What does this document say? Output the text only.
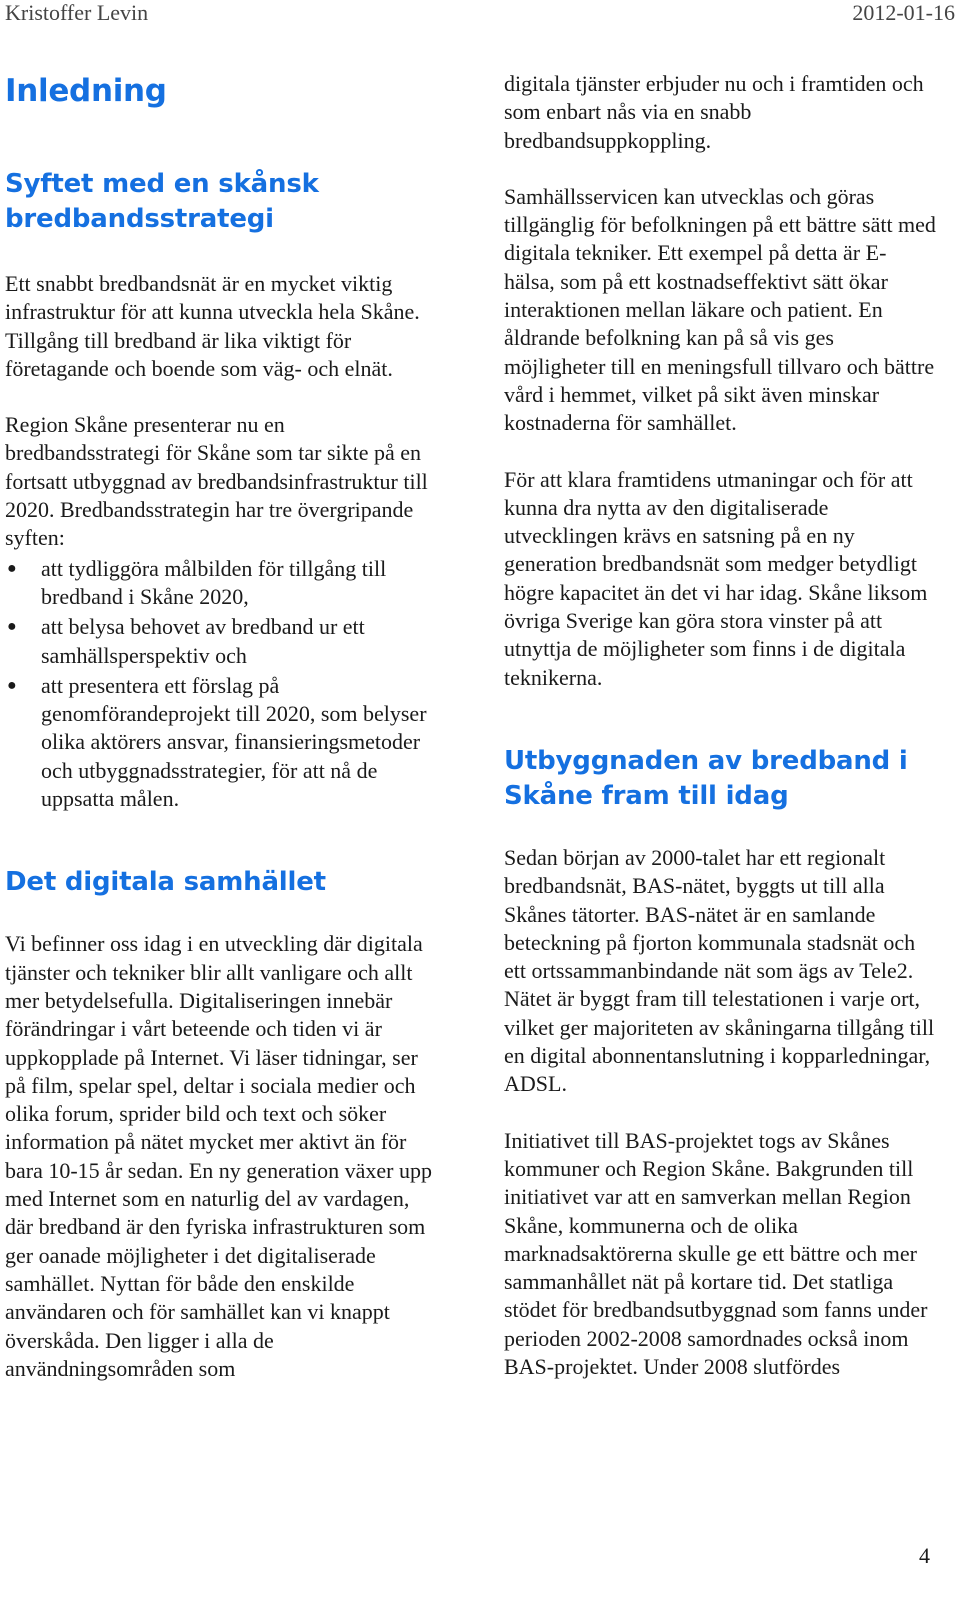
Kristoffer Levin	2012-01-16
Inledning
Syftet med en skånsk bredbandsstrategi

Ett snabbt bredbandsnät är en mycket viktig infrastruktur för att kunna utveckla hela Skåne. Tillgång till bredband är lika viktigt för företagande och boende som väg- och elnät.

Region Skåne presenterar nu en bredbandsstrategi för Skåne som tar sikte på en fortsatt utbyggnad av bredbandsinfrastruktur till 2020. Bredbandsstrategin har tre övergripande syften:

● att tydliggöra målbilden för tillgång till bredband i Skåne 2020,
● att belysa behovet av bredband ur ett samhällsperspektiv och
● att presentera ett förslag på genomförandeprojekt till 2020, som belyser olika aktörers ansvar, finansieringsmetoder och utbyggnadsstrategier, för att nå de uppsatta målen.
Det digitala samhället

Vi befinner oss idag i en utveckling där digitala tjänster och tekniker blir allt vanligare och allt mer betydelsefulla. Digitaliseringen innebär förändringar i vårt beteende och tiden vi är uppkopplade på Internet. Vi läser tidningar, ser på film, spelar spel, deltar i sociala medier och olika forum, sprider bild och text och söker information på nätet mycket mer aktivt än för bara 10-15 år sedan. En ny generation växer upp med Internet som en naturlig del av vardagen, där bredband är den fyriska infrastrukturen som ger oanade möjligheter i det digitaliserade samhället. Nyttan för både den enskilde användaren och för samhället kan vi knappt överskåda. Den ligger i alla de användningsområden som

digitala tjänster erbjuder nu och i framtiden och som enbart nås via en snabb bredbandsuppkoppling.

Samhällsservicen kan utvecklas och göras tillgänglig för befolkningen på ett bättre sätt med digitala tekniker. Ett exempel på detta är E-hälsa, som på ett kostnadseffektivt sätt ökar interaktionen mellan läkare och patient. En åldrande befolkning kan på så vis ges möjligheter till en meningsfull tillvaro och bättre vård i hemmet, vilket på sikt även minskar kostnaderna för samhället.

För att klara framtidens utmaningar och för att kunna dra nytta av den digitaliserade utvecklingen krävs en satsning på en ny generation bredbandsnät som medger betydligt högre kapacitet än det vi har idag. Skåne liksom övriga Sverige kan göra stora vinster på att utnyttja de möjligheter som finns i de digitala teknikerna.

Utbyggnaden av bredband i Skåne fram till idag

Sedan början av 2000-talet har ett regionalt bredbandsnät, BAS-nätet, byggts ut till alla Skånes tätorter. BAS-nätet är en samlande beteckning på fjorton kommunala stadsnät och ett ortssammanbindande nät som ägs av Tele2. Nätet är byggt fram till telestationen i varje ort, vilket ger majoriteten av skåningarna tillgång till en digital abonnentanslutning i kopparledningar, ADSL.

Initiativet till BAS-projektet togs av Skånes kommuner och Region Skåne. Bakgrunden till initiativet var att en samverkan mellan Region Skåne, kommunerna och de olika marknadsaktörerna skulle ge ett bättre och mer sammanhållet nät på kortare tid. Det statliga stödet för bredbandsutbyggnad som fanns under perioden 2002-2008 samordnades också inom BAS-projektet. Under 2008 slutfördes

4
